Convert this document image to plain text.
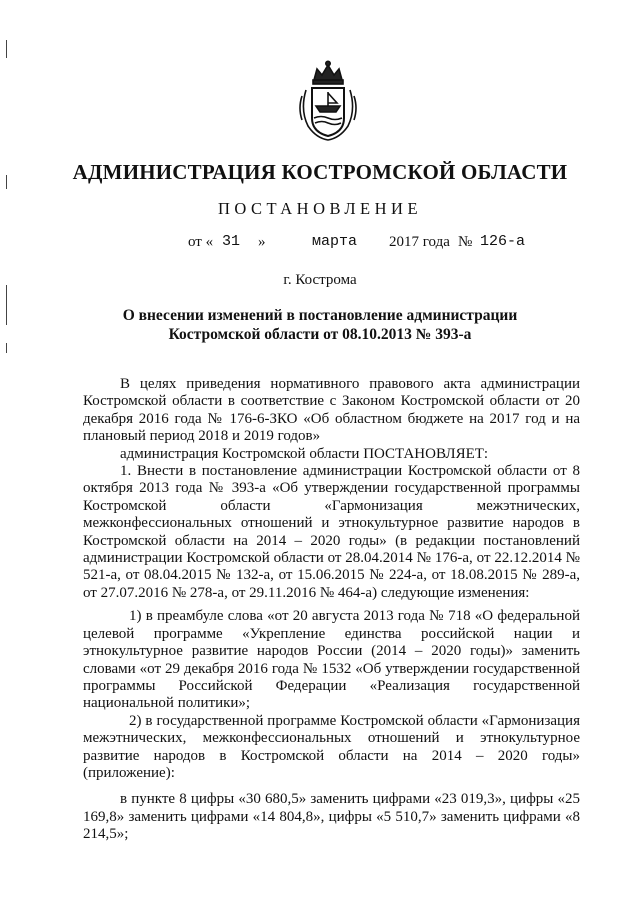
АДМИНИСТРАЦИЯ КОСТРОМСКОЙ ОБЛАСТИ
ПОСТАНОВЛЕНИЕ
от « 31 »	марта 2017 года № 126-а
г. Кострома
О внесении изменений в постановление администрации
Костромской области от 08.10.2013 № 393-а

В целях приведения нормативного правового акта администрации Костромской области в соответствие с Законом Костромской области от 20 декабря 2016 года № 176-6-ЗКО «Об областном бюджете на 2017 год и на плановый период 2018 и 2019 годов»

администрация Костромской области ПОСТАНОВЛЯЕТ:

1. Внести в постановление администрации Костромской области от 8 октября 2013 года № 393-а «Об утверждении государственной программы Костромской области «Гармонизация межэтнических, межконфессиональных отношений и этнокультурное развитие народов в Костромской области на 2014 – 2020 годы» (в редакции постановлений администрации Костромской области от 28.04.2014 № 176-а, от 22.12.2014 № 521-а, от 08.04.2015 № 132-а, от 15.06.2015 № 224-а, от 18.08.2015 № 289-а, от 27.07.2016 № 278-а, от 29.11.2016 № 464-а) следующие изменения:

1) в преамбуле слова «от 20 августа 2013 года № 718 «О федеральной целевой программе «Укрепление единства российской нации и этнокультурное развитие народов России (2014 – 2020 годы)» заменить словами «от 29 декабря 2016 года № 1532 «Об утверждении государственной программы Российской Федерации «Реализация государственной национальной политики»;

2) в государственной программе Костромской области «Гармонизация межэтнических, межконфессиональных отношений и этнокультурное развитие народов в Костромской области на 2014 – 2020 годы» (приложение):

в пункте 8 цифры «30 680,5» заменить цифрами «23 019,3», цифры «25 169,8» заменить цифрами «14 804,8», цифры «5 510,7» заменить цифрами «8 214,5»;
